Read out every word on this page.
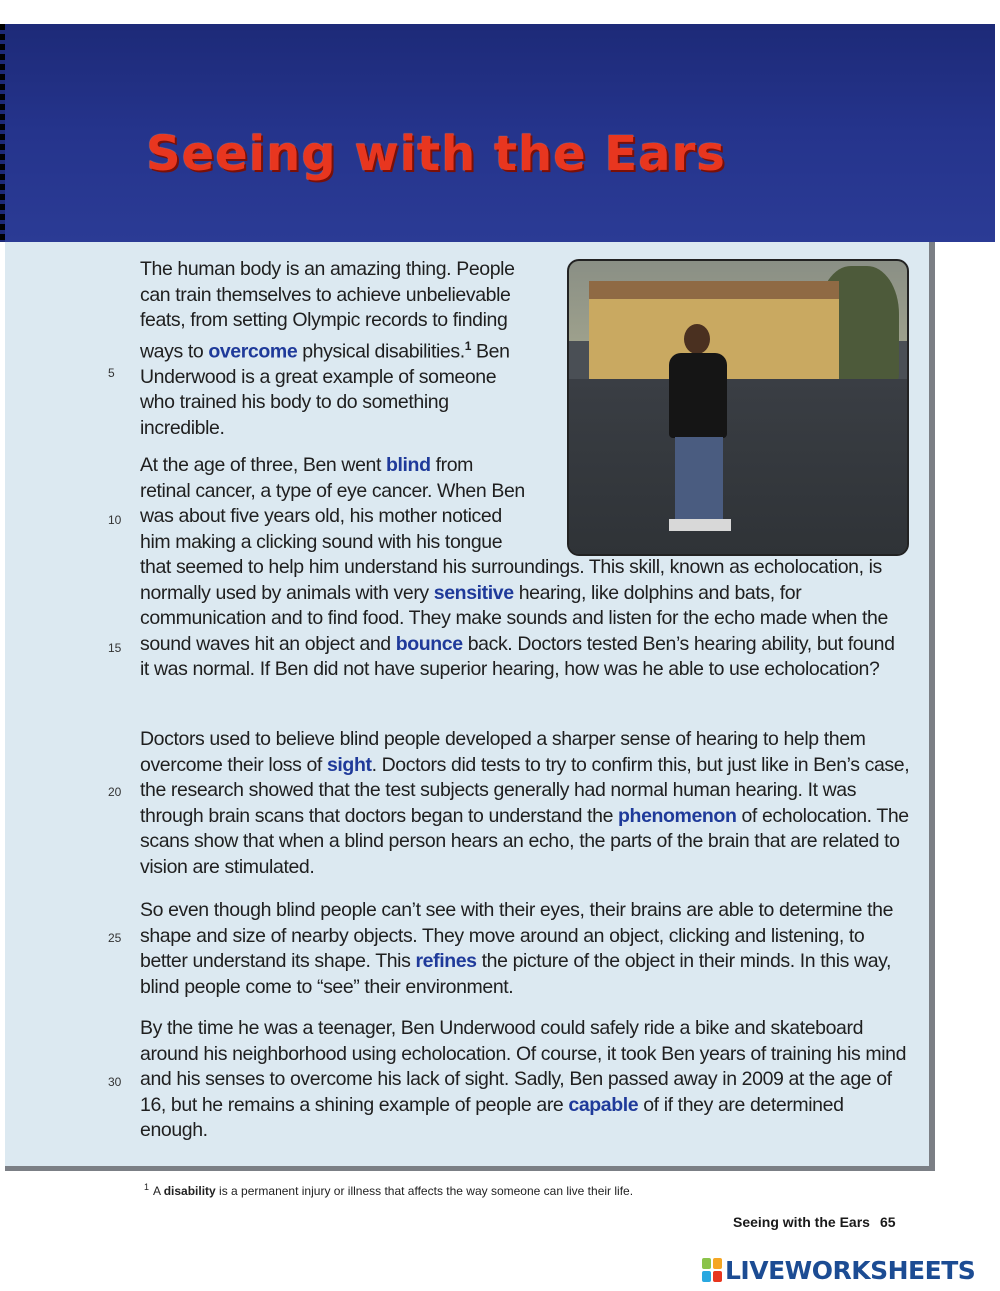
Seeing with the Ears

The human body is an amazing thing. People can train themselves to achieve unbelievable feats, from setting Olympic records to finding ways to overcome physical disabilities.$^1$ Ben Underwood is a great example of someone who trained his body to do something incredible.

At the age of three, Ben went blind from retinal cancer, a type of eye cancer. When Ben was about five years old, his mother noticed him making a clicking sound with his tongue that seemed to help him understand his surroundings. This skill, known as echolocation, is normally used by animals with very sensitive hearing, like dolphins and bats, for communication and to find food. They make sounds and listen for the echo made when the sound waves hit an object and bounce back. Doctors tested Ben’s hearing ability, but found it was normal. If Ben did not have superior hearing, how was he able to use echolocation?

Doctors used to believe blind people developed a sharper sense of hearing to help them overcome their loss of sight. Doctors did tests to try to confirm this, but just like in Ben’s case, the research showed that the test subjects generally had normal human hearing. It was through brain scans that doctors began to understand the phenomenon of echolocation. The scans show that when a blind person hears an echo, the parts of the brain that are related to vision are stimulated.

So even though blind people can’t see with their eyes, their brains are able to determine the shape and size of nearby objects. They move around an object, clicking and listening, to better understand its shape. This refines the picture of the object in their minds. In this way, blind people come to “see” their environment.

By the time he was a teenager, Ben Underwood could safely ride a bike and skateboard around his neighborhood using echolocation. Of course, it took Ben years of training his mind and his senses to overcome his lack of sight. Sadly, Ben passed away in 2009 at the age of 16, but he remains a shining example of people are capable of if they are determined enough.

5
10
15
20
25
30

$^1$ A disability is a permanent injury or illness that affects the way someone can live their life.

Seeing with the Ears 65
LIVEWORKSHEETS
